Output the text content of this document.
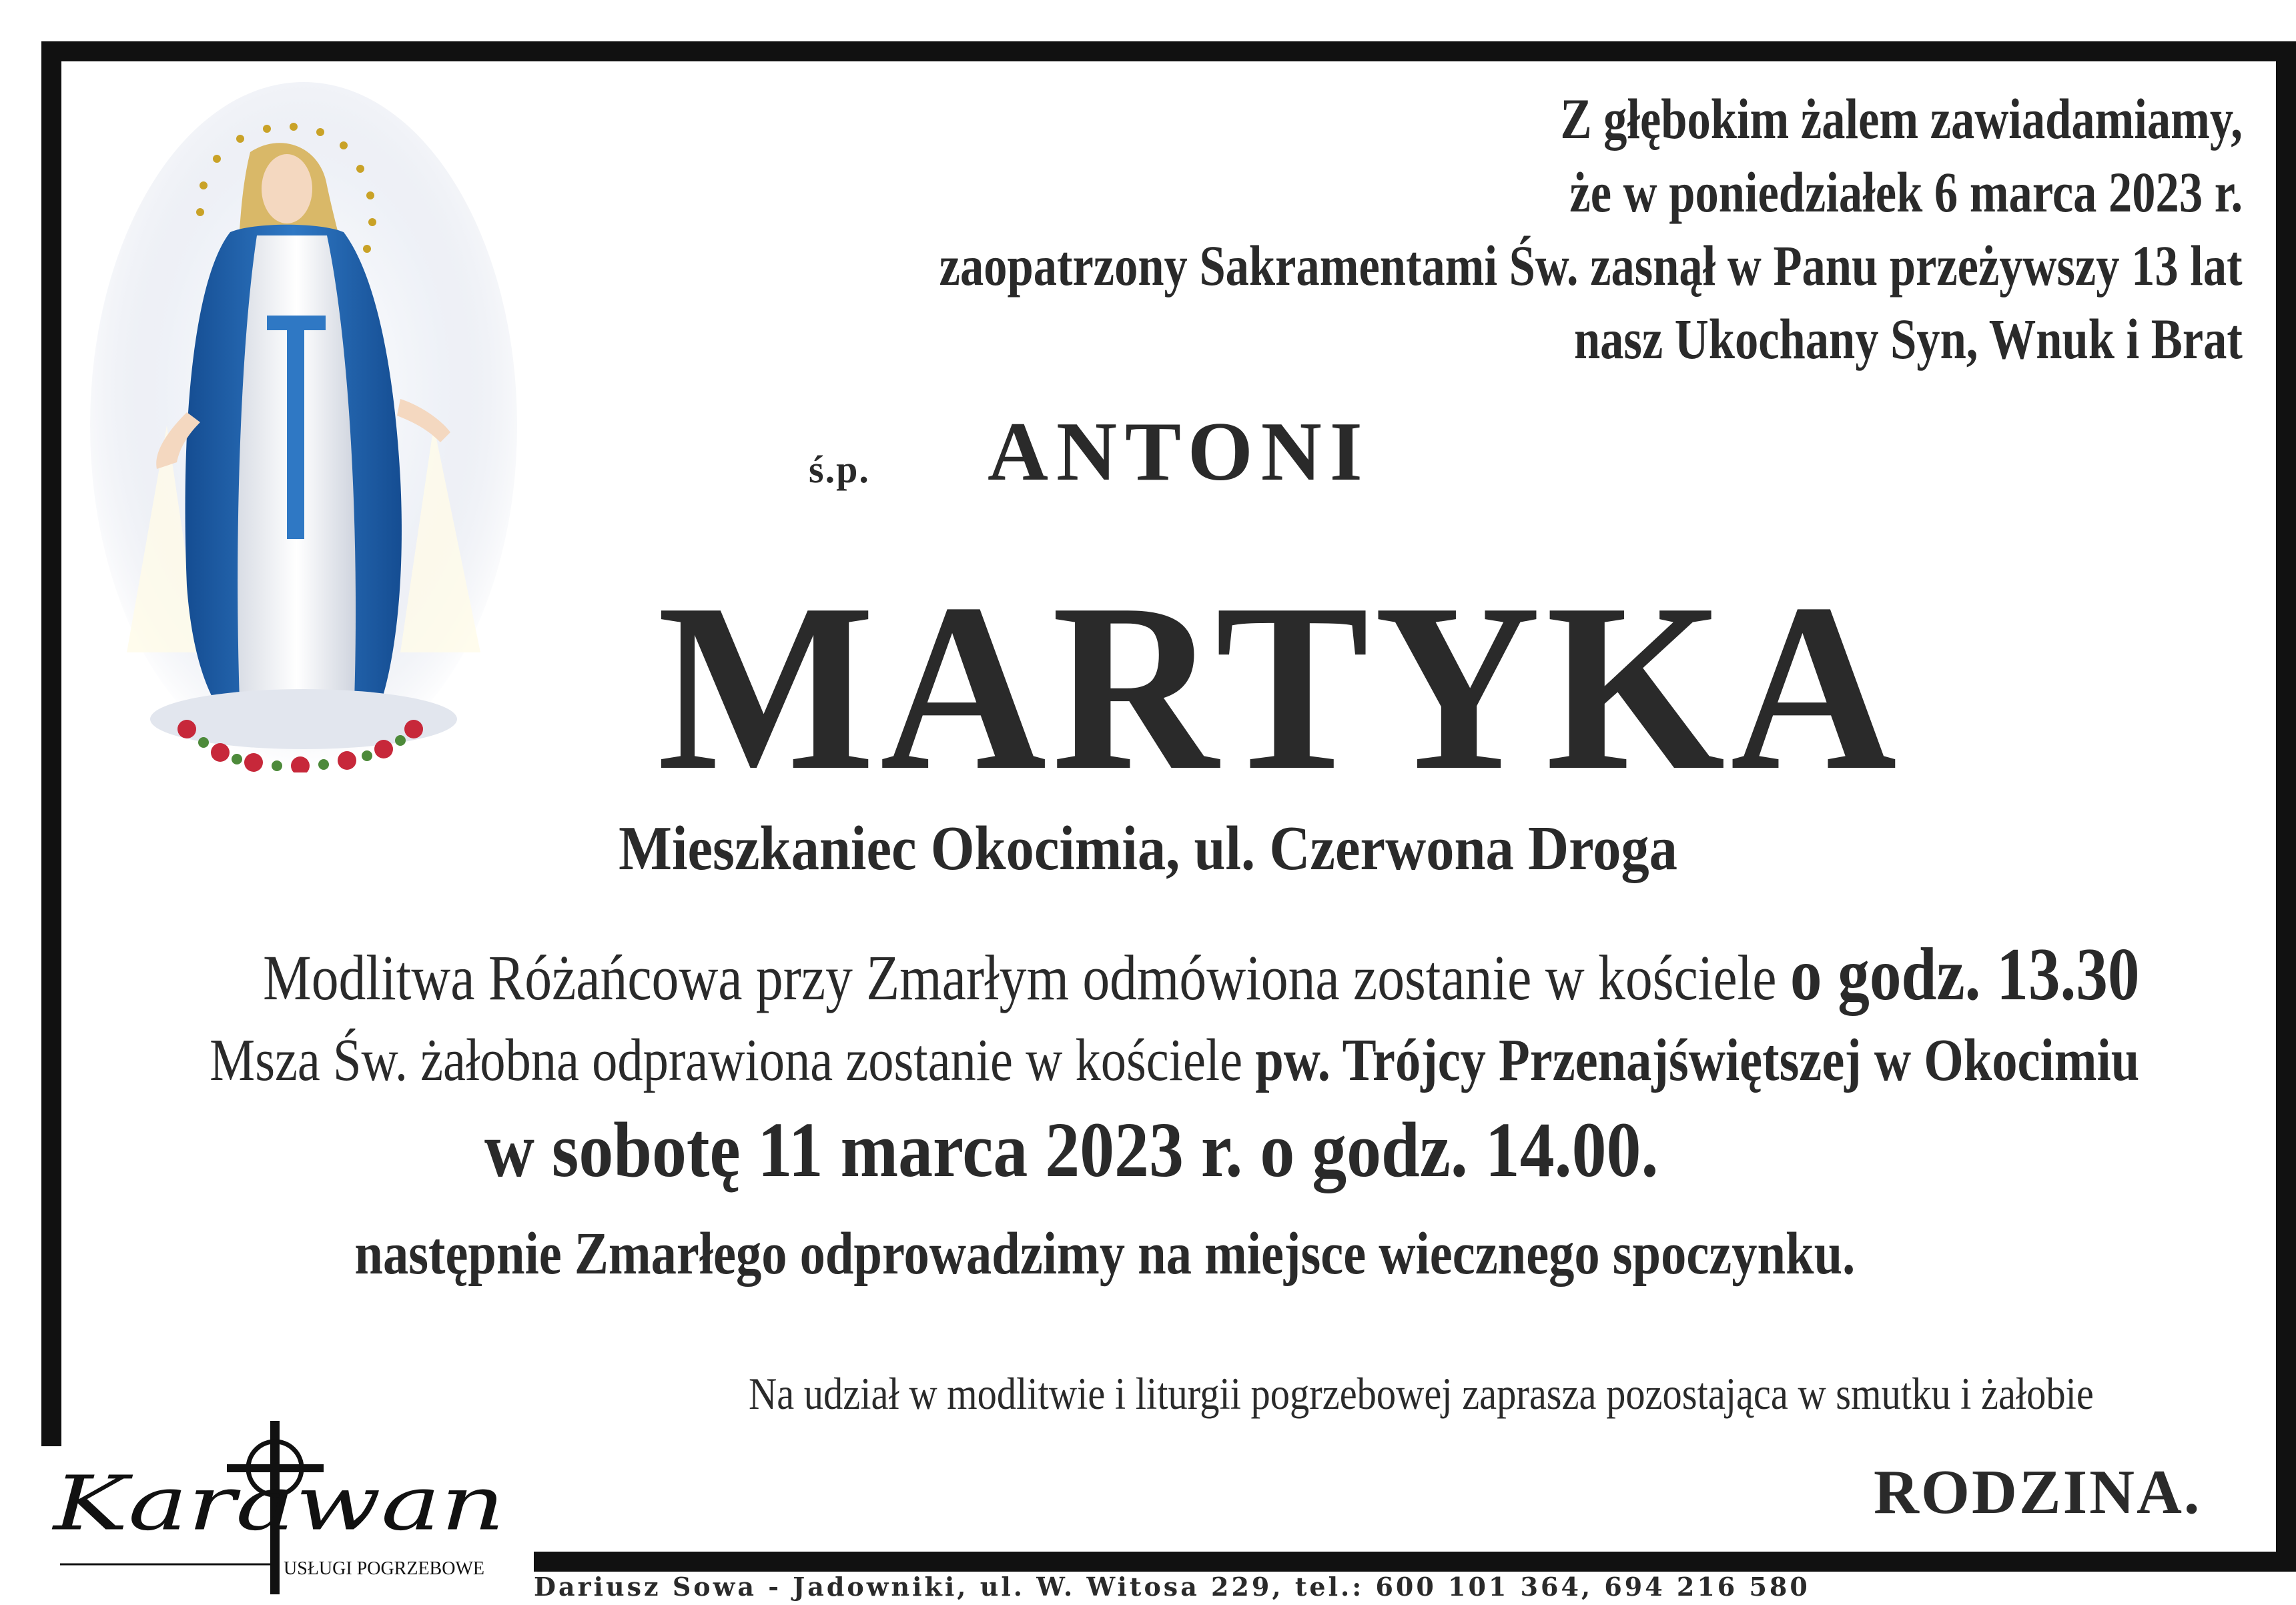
Z głębokim żalem zawiadamiamy,
że w poniedziałek 6 marca 2023 r.
zaopatrzony Sakramentami Św. zasnął w Panu przeżywszy 13 lat
nasz Ukochany Syn, Wnuk i Brat
ś.p. ANTONI
MARTYKA
Mieszkaniec Okocimia, ul. Czerwona Droga
Modlitwa Różańcowa przy Zmarłym odmówiona zostanie w kościele o godz. 13.30
Msza Św. żałobna odprawiona zostanie w kościele pw. Trójcy Przenajświętszej w Okocimiu
w sobotę 11 marca 2023 r. o godz. 14.00.
następnie Zmarłego odprowadzimy na miejsce wiecznego spoczynku.
Na udział w modlitwie i liturgii pogrzebowej zaprasza pozostająca w smutku i żałobie
RODZINA.
Karawan
USŁUGI POGRZEBOWE
Dariusz Sowa - Jadowniki, ul. W. Witosa 229, tel.: 600 101 364, 694 216 580
